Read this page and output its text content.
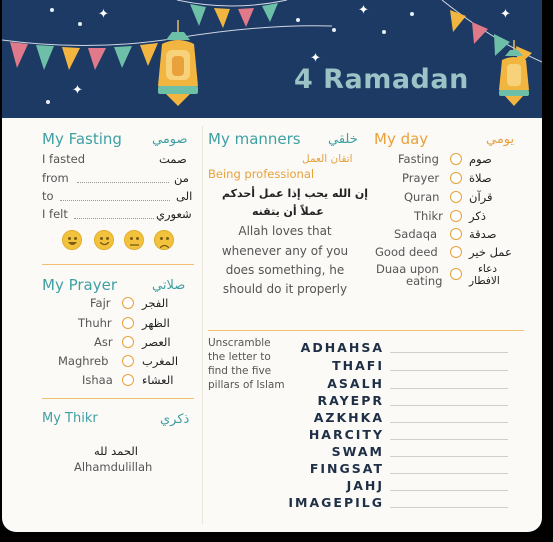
✦	✦	✦
✦
✦	4 Ramadan
My Fasting صومي
I fasted	صمت
from	من
to	الى
I felt	شعوري
My Prayer	صلاتي
Fajr	الفجر
Thuhr	الظهر
Asr	العصر
Maghreb	المغرب
Ishaa	العشاء
My Thikr	ذكري
الحمد لله
Alhamdulillah
My manners خلقي
اتقان العمل
Being professional
إن الله يحب إذا عمل أحدكم
عملاً أن يتقنه
Allah loves that
whenever any of you
does something, he
should do it properly
My day	يومي
Fasting	صوم
Prayer	صلاة
Quran	قرآن
Thikr ذكر
Sadaqa	صدقة
Good deed	عمل خير
Duaa upon
eating
دعاء
الافطار
Unscramble
the letter to
find the five
pillars of Islam
ADHAHSA
THAFI
ASALH
RAYEPR
AZKHKA
HARCITY
SWAM
FINGSAT
JAHJ
IMAGEPILG
